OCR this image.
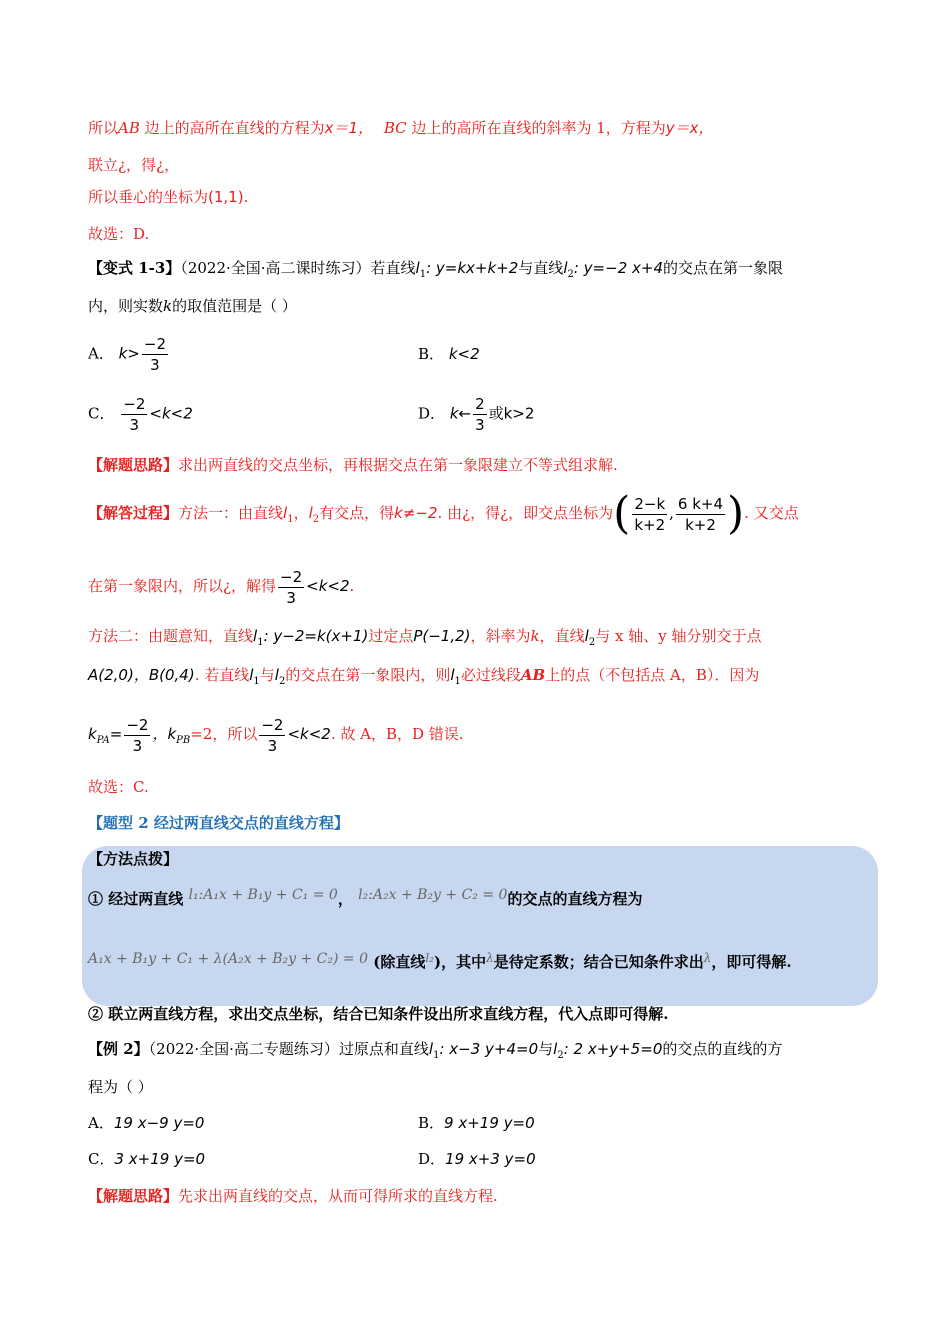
所以AB 边上的高所在直线的方程为x＝1， BC 边上的高所在直线的斜率为 1，方程为y＝x，
联立¿，得¿，
所以垂心的坐标为(1,1).
故选：D.
【变式 1-3】（2022·全国·高二课时练习）若直线$l_1$: y=kx+k+2与直线$l_2$: y=−2 x+4的交点在第一象限
内，则实数k的取值范围是（ ）
A． $k> \frac{-2}{3}$	B． k<2
C． $\frac{-2}{3} <k<2$	D． k← $\frac{2}{3}$ 或k>2
【解题思路】求出两直线的交点坐标，再根据交点在第一象限建立不等式组求解.
【解答过程】方法一：由直线$l_1$，$l_2$有交点，得k≠−2. 由¿，得¿，即交点坐标为( $\frac{2-k}{k+2}$ , $\frac{6 k+4}{k+2}$ ). 又交点
在第一象限内，所以¿，解得 $\frac{-2}{3} <k<2$.
方法二：由题意知，直线$l_1$: y−2=k(x+1)过定点P(−1,2)，斜率为k，直线$l_2$与 x 轴、y 轴分别交于点
A(2,0)，B(0,4). 若直线$l_1$与$l_2$的交点在第一象限内，则$l_1$必过线段AB上的点（不包括点 A，B）．因为
$k_{PA}= \frac{-2}{3}$ ，$k_{PB}=2$，所以 $\frac{-2}{3} <k<2$. 故 A，B，D 错误.
故选：C.
【题型 2 经过两直线交点的直线方程】
【方法点拨】
① 经过两直线 l₁:A₁x + B₁y + C₁ = 0， l₂:A₂x + B₂y + C₂ = 0的交点的直线方程为
A₁x + B₁y + C₁ + λ(A₂x + B₂y + C₂) = 0 (除直线$^{l_2}$)，其中$^\lambda$是待定系数；结合已知条件求出$^\lambda$，即可得解.
② 联立两直线方程，求出交点坐标，结合已知条件设出所求直线方程，代入点即可得解.
【例 2】（2022·全国·高二专题练习）过原点和直线$l_1$: x−3 y+4=0与$l_2$: 2 x+y+5=0的交点的直线的方
程为（ ）
A．19 x−9 y=0	B．9 x+19 y=0
C．3 x+19 y=0	D．19 x+3 y=0
【解题思路】先求出两直线的交点，从而可得所求的直线方程.
